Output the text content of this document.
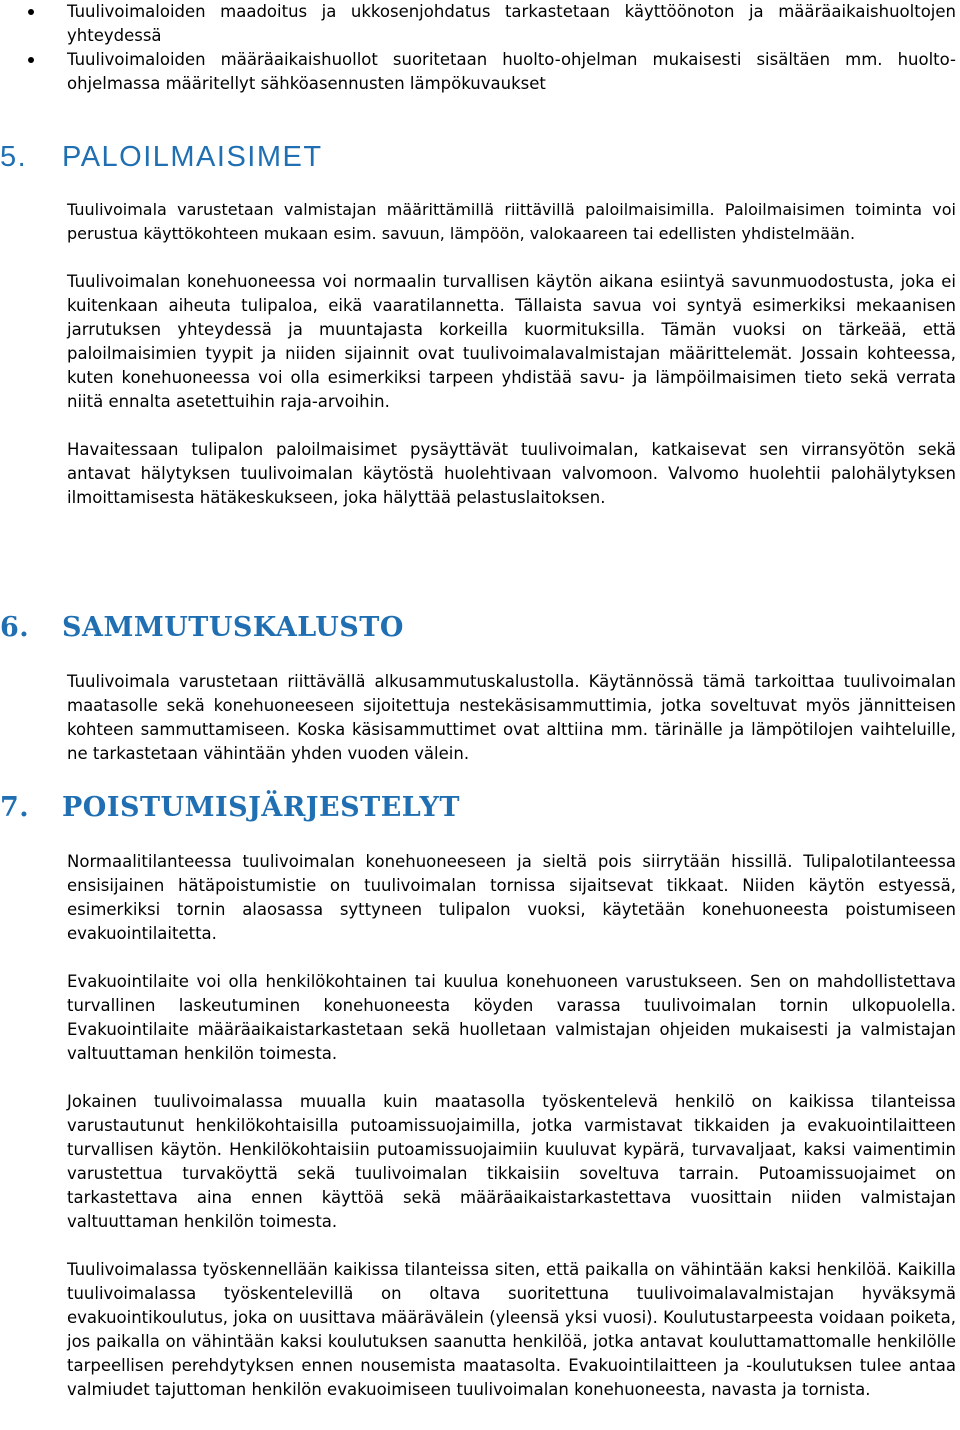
Tuulivoimaloiden maadoitus ja ukkosenjohdatus tarkastetaan käyttöönoton ja määräaikaishuoltojen yhteydessä
Tuulivoimaloiden määräaikaishuollot suoritetaan huolto-ohjelman mukaisesti sisältäen mm. huolto-ohjelmassa määritellyt sähköasennusten lämpökuvaukset
5. PALOILMAISIMET

Tuulivoimala varustetaan valmistajan määrittämillä riittävillä paloilmaisimilla. Paloilmaisimen toiminta voi perustua käyttökohteen mukaan esim. savuun, lämpöön, valokaareen tai edellisten yhdistelmään.

Tuulivoimalan konehuoneessa voi normaalin turvallisen käytön aikana esiintyä savunmuodostusta, joka ei kuitenkaan aiheuta tulipaloa, eikä vaaratilannetta. Tällaista savua voi syntyä esimerkiksi mekaanisen jarrutuksen yhteydessä ja muuntajasta korkeilla kuormituksilla. Tämän vuoksi on tärkeää, että paloilmaisimien tyypit ja niiden sijainnit ovat tuulivoimalavalmistajan määrittelemät. Jossain kohteessa, kuten konehuoneessa voi olla esimerkiksi tarpeen yhdistää savu- ja lämpöilmaisimen tieto sekä verrata niitä ennalta asetettuihin raja-arvoihin.

Havaitessaan tulipalon paloilmaisimet pysäyttävät tuulivoimalan, katkaisevat sen virransyötön sekä antavat hälytyksen tuulivoimalan käytöstä huolehtivaan valvomoon. Valvomo huolehtii palohälytyksen ilmoittamisesta hätäkeskukseen, joka hälyttää pelastuslaitoksen.

6. SAMMUTUSKALUSTO

Tuulivoimala varustetaan riittävällä alkusammutuskalustolla. Käytännössä tämä tarkoittaa tuulivoimalan maatasolle sekä konehuoneeseen sijoitettuja nestekäsisammuttimia, jotka soveltuvat myös jännitteisen kohteen sammuttamiseen. Koska käsisammuttimet ovat alttiina mm. tärinälle ja lämpötilojen vaihteluille, ne tarkastetaan vähintään yhden vuoden välein.

7. POISTUMISJÄRJESTELYT

Normaalitilanteessa tuulivoimalan konehuoneeseen ja sieltä pois siirrytään hissillä. Tulipalotilanteessa ensisijainen hätäpoistumistie on tuulivoimalan tornissa sijaitsevat tikkaat. Niiden käytön estyessä, esimerkiksi tornin alaosassa syttyneen tulipalon vuoksi, käytetään konehuoneesta poistumiseen evakuointilaitetta.

Evakuointilaite voi olla henkilökohtainen tai kuulua konehuoneen varustukseen. Sen on mahdollistettava turvallinen laskeutuminen konehuoneesta köyden varassa tuulivoimalan tornin ulkopuolella. Evakuointilaite määräaikaistarkastetaan sekä huolletaan valmistajan ohjeiden mukaisesti ja valmistajan valtuuttaman henkilön toimesta.

Jokainen tuulivoimalassa muualla kuin maatasolla työskentelevä henkilö on kaikissa tilanteissa varustautunut henkilökohtaisilla putoamissuojaimilla, jotka varmistavat tikkaiden ja evakuointilaitteen turvallisen käytön. Henkilökohtaisiin putoamissuojaimiin kuuluvat kypärä, turvavaljaat, kaksi vaimentimin varustettua turvaköyttä sekä tuulivoimalan tikkaisiin soveltuva tarrain. Putoamissuojaimet on tarkastettava aina ennen käyttöä sekä määräaikaistarkastettava vuosittain niiden valmistajan valtuuttaman henkilön toimesta.

Tuulivoimalassa työskennellään kaikissa tilanteissa siten, että paikalla on vähintään kaksi henkilöä. Kaikilla tuulivoimalassa työskentelevillä on oltava suoritettuna tuulivoimalavalmistajan hyväksymä evakuointikoulutus, joka on uusittava määrävälein (yleensä yksi vuosi). Koulutustarpeesta voidaan poiketa, jos paikalla on vähintään kaksi koulutuksen saanutta henkilöä, jotka antavat kouluttamattomalle henkilölle tarpeellisen perehdytyksen ennen nousemista maatasolta. Evakuointilaitteen ja -koulutuksen tulee antaa valmiudet tajuttoman henkilön evakuoimiseen tuulivoimalan konehuoneesta, navasta ja tornista.
